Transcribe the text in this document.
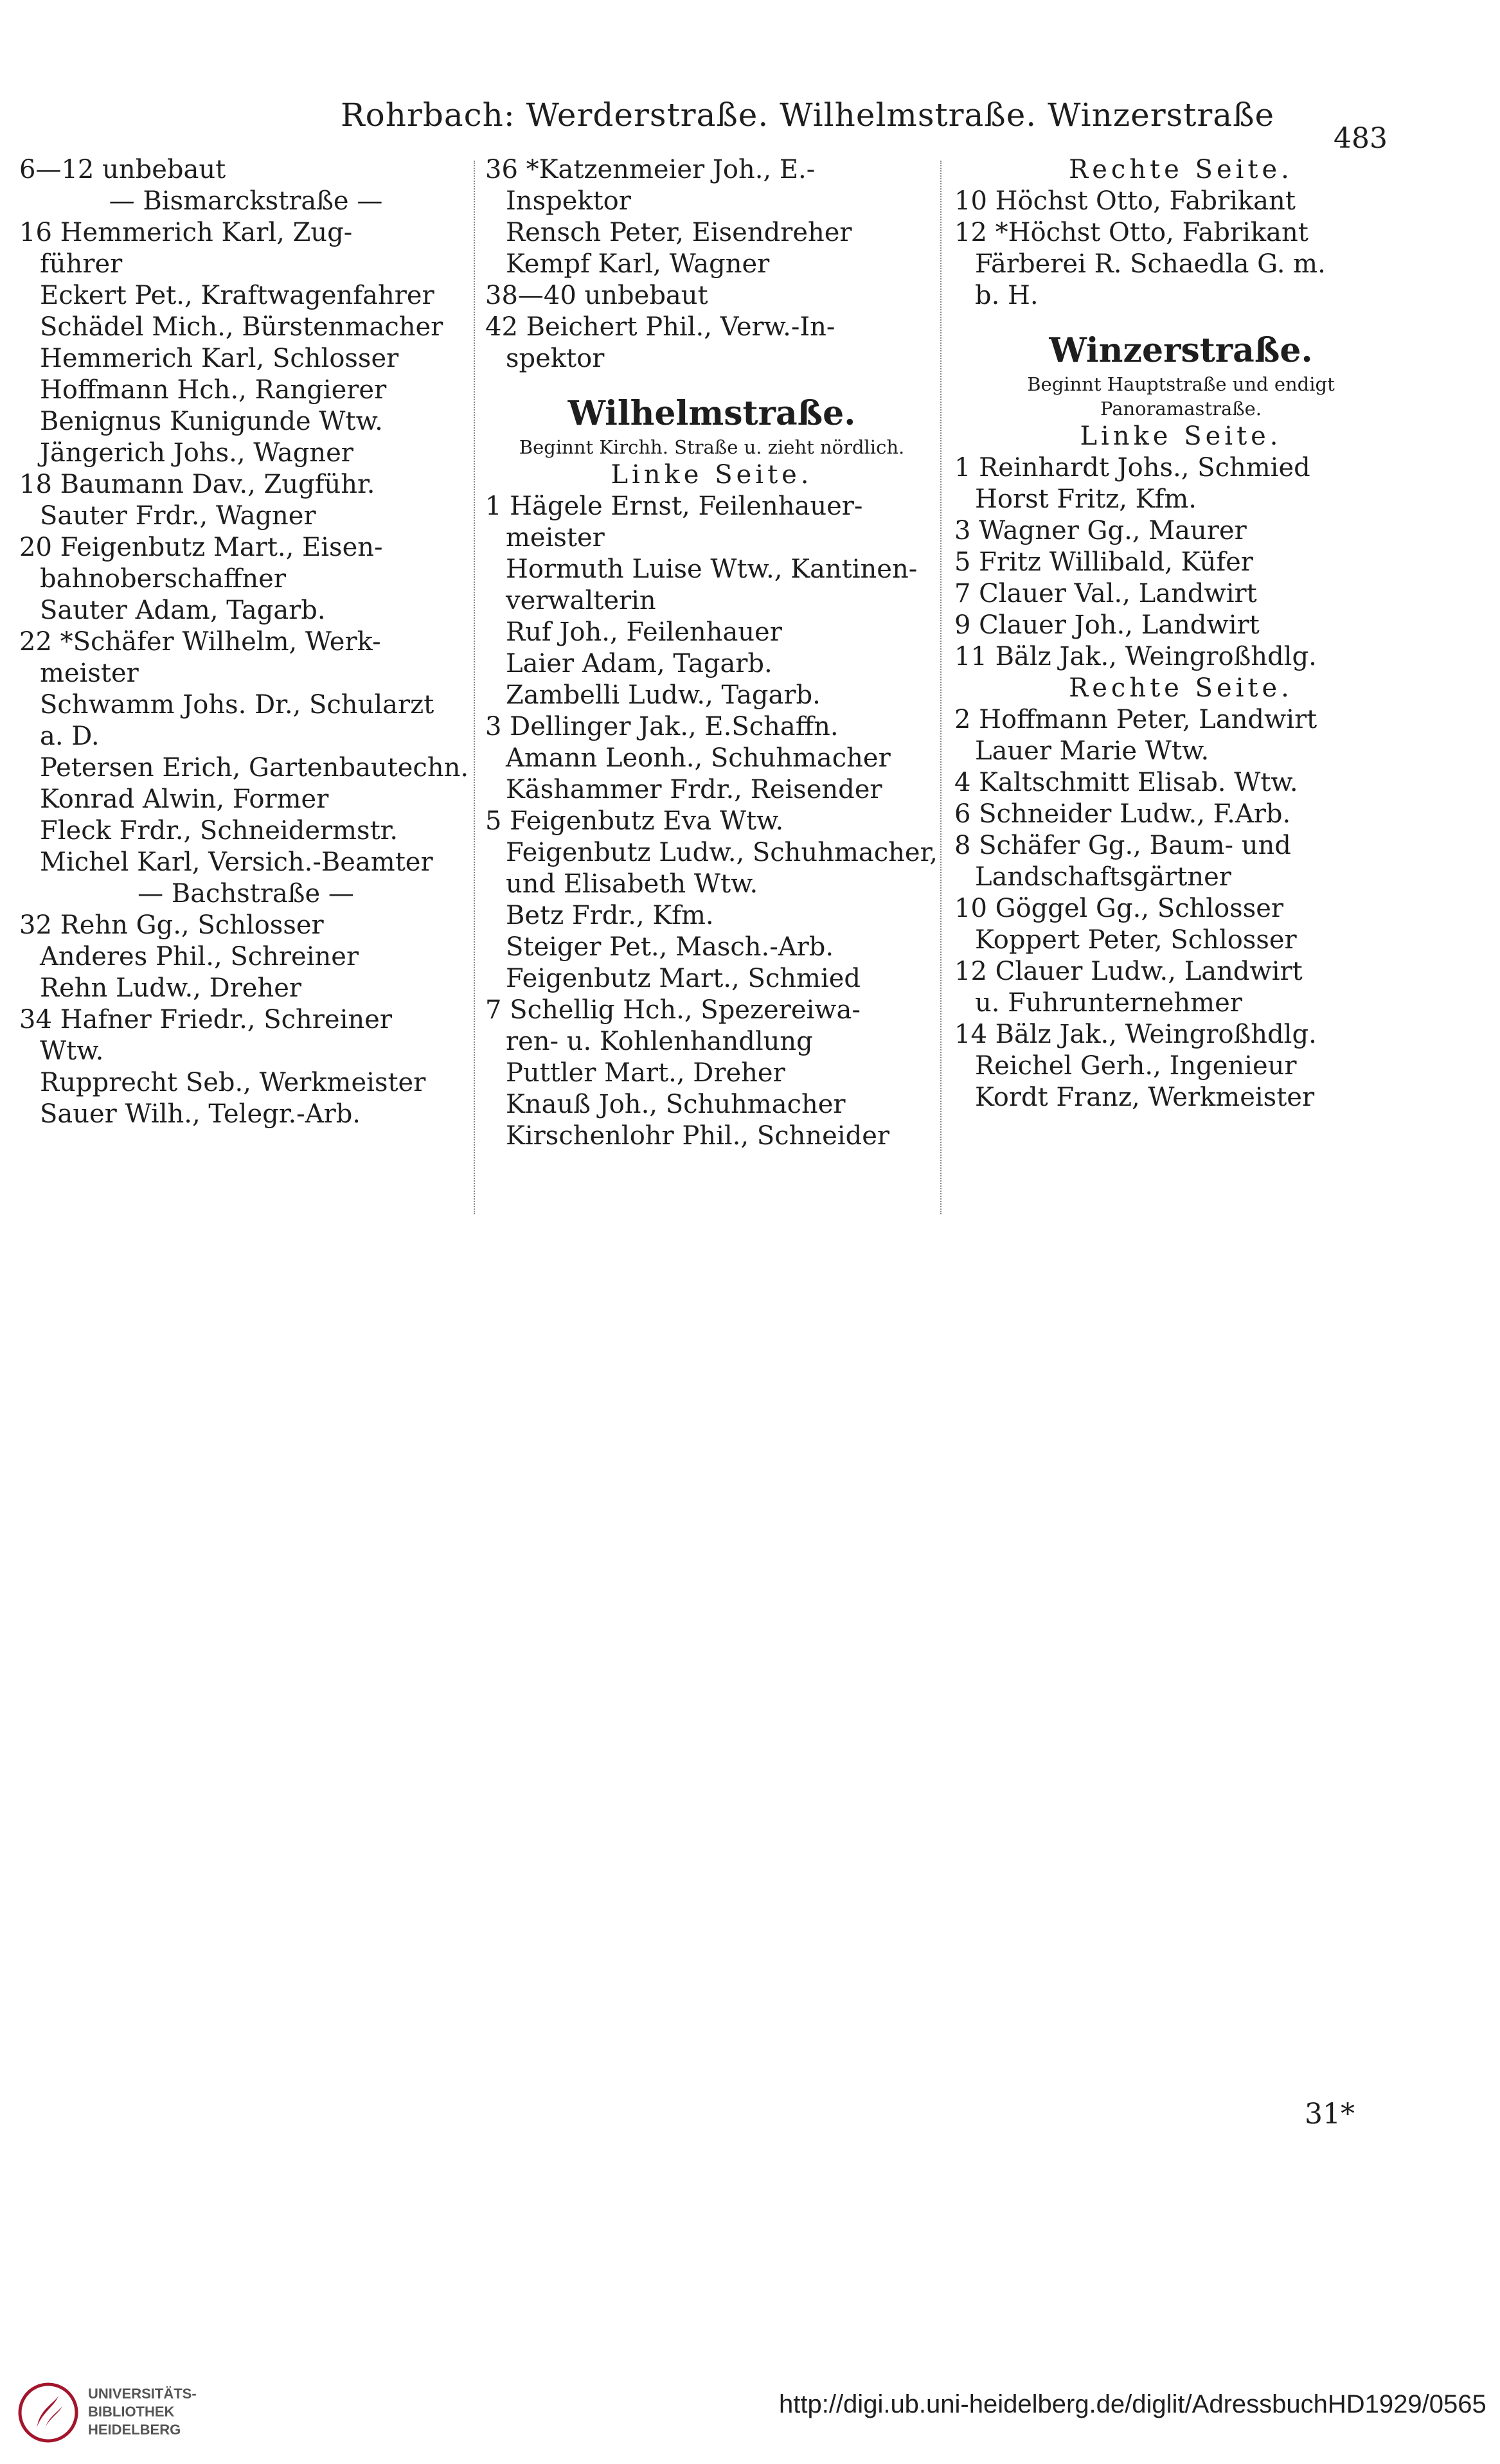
Rohrbach: Werderstraße. Wilhelmstraße. Winzerstraße
483
6—12 unbebaut
— Bismarckstraße —
16 Hemmerich Karl, Zug-
führer
Eckert Pet., Kraftwagenfahrer
Schädel Mich., Bürstenmacher
Hemmerich Karl, Schlosser
Hoffmann Hch., Rangierer
Benignus Kunigunde Wtw.
Jängerich Johs., Wagner
18 Baumann Dav., Zugführ.
Sauter Frdr., Wagner
20 Feigenbutz Mart., Eisen-
bahnoberschaffner
Sauter Adam, Tagarb.
22 *Schäfer Wilhelm, Werk-
meister
Schwamm Johs. Dr., Schularzt
a. D.
Petersen Erich, Gartenbautechn.
Konrad Alwin, Former
Fleck Frdr., Schneidermstr.
Michel Karl, Versich.-Beamter
— Bachstraße —
32 Rehn Gg., Schlosser
Anderes Phil., Schreiner
Rehn Ludw., Dreher
34 Hafner Friedr., Schreiner
Wtw.
Rupprecht Seb., Werkmeister
Sauer Wilh., Telegr.-Arb.
36 *Katzenmeier Joh., E.-
Inspektor
Rensch Peter, Eisendreher
Kempf Karl, Wagner
38—40 unbebaut
42 Beichert Phil., Verw.-In-
spektor
Wilhelmstraße.
Beginnt Kirchh. Straße u. zieht nördlich.
Linke Seite.
1 Hägele Ernst, Feilenhauer-
meister
Hormuth Luise Wtw., Kantinen-
verwalterin
Ruf Joh., Feilenhauer
Laier Adam, Tagarb.
Zambelli Ludw., Tagarb.
3 Dellinger Jak., E.Schaffn.
Amann Leonh., Schuhmacher
Käshammer Frdr., Reisender
5 Feigenbutz Eva Wtw.
Feigenbutz Ludw., Schuhmacher,
und Elisabeth Wtw.
Betz Frdr., Kfm.
Steiger Pet., Masch.-Arb.
Feigenbutz Mart., Schmied
7 Schellig Hch., Spezereiwa-
ren- u. Kohlenhandlung
Puttler Mart., Dreher
Knauß Joh., Schuhmacher
Kirschenlohr Phil., Schneider
Rechte Seite.
10 Höchst Otto, Fabrikant
12 *Höchst Otto, Fabrikant
Färberei R. Schaedla G. m.
b. H.
Winzerstraße.
Beginnt Hauptstraße und endigt
Panoramastraße.
Linke Seite.
1 Reinhardt Johs., Schmied
Horst Fritz, Kfm.
3 Wagner Gg., Maurer
5 Fritz Willibald, Küfer
7 Clauer Val., Landwirt
9 Clauer Joh., Landwirt
11 Bälz Jak., Weingroßhdlg.
Rechte Seite.
2 Hoffmann Peter, Landwirt
Lauer Marie Wtw.
4 Kaltschmitt Elisab. Wtw.
6 Schneider Ludw., F.Arb.
8 Schäfer Gg., Baum- und
Landschaftsgärtner
10 Göggel Gg., Schlosser
Koppert Peter, Schlosser
12 Clauer Ludw., Landwirt
u. Fuhrunternehmer
14 Bälz Jak., Weingroßhdlg.
Reichel Gerh., Ingenieur
Kordt Franz, Werkmeister
31*
UNIVERSITÄTS-
BIBLIOTHEK
HEIDELBERG
http://digi.ub.uni-heidelberg.de/diglit/AdressbuchHD1929/0565
